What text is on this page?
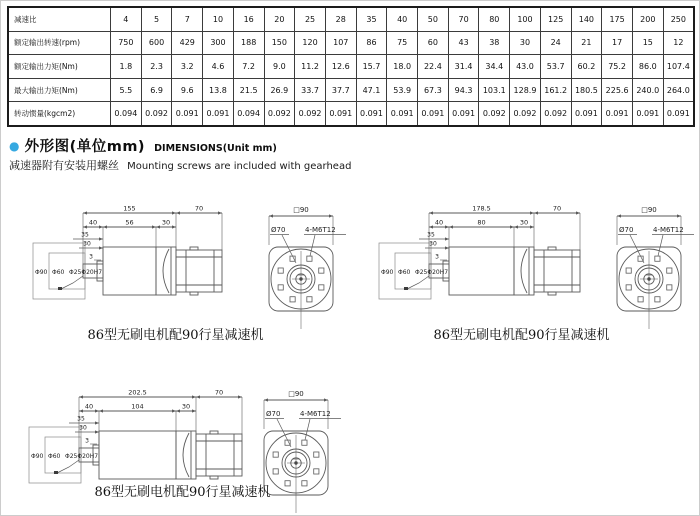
减速比	4	5	7	10	16	20	25	28	35	40	50	70	80	100	125	140	175	200	250
额定输出转速(rpm)	750	600	429	300	188	150	120	107	86	75	60	43	38	30	24	21	17	15	12
额定输出力矩(Nm)	1.8	2.3	3.2	4.6	7.2	9.0	11.2	12.6	15.7	18.0	22.4	31.4	34.4	43.0	53.7	60.2	75.2	86.0	107.4
最大输出力矩(Nm)	5.5	6.9	9.6	13.8	21.5	26.9	33.7	37.7	47.1	53.9	67.3	94.3	103.1	128.9	161.2	180.5	225.6	240.0	264.0
转动惯量(kgcm2)	0.094	0.092	0.091	0.091	0.094	0.092	0.092	0.091	0.091	0.091	0.091	0.091	0.092	0.092	0.092	0.091	0.091	0.091	0.091
● 外形图(单位mm) DIMENSIONS(Unit mm)
减速器附有安装用螺丝 Mounting screws are included with gearhead
155	70
40	56	30
35
30
3
Φ90 Φ60 Φ25Φ20H7
□90
Ø70	4-M6T12
86型无刷电机配90行星减速机
178.5	70
40	80	30
35
30
3
Φ90 Φ60 Φ25Φ20H7
□90
Ø70	4-M6T12
86型无刷电机配90行星减速机
202.5	70
40	104	30
35
30
3
Φ90 Φ60 Φ25Φ20H7
□90
Ø70	4-M6T12
86型无刷电机配90行星减速机
